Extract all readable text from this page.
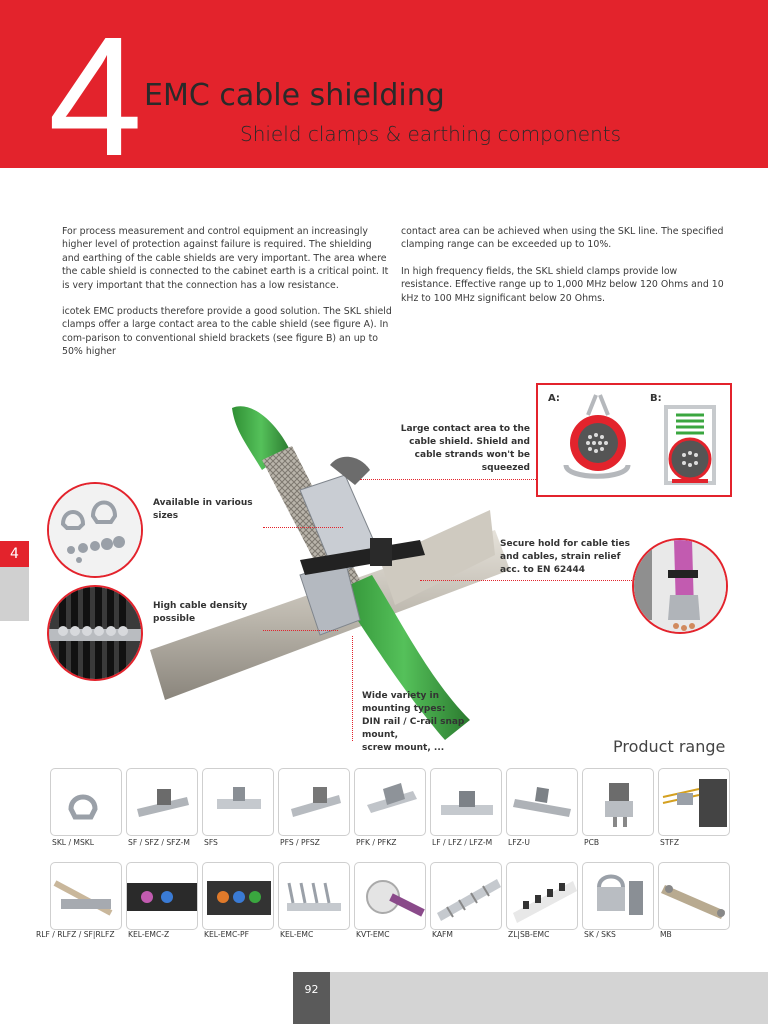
4 EMC cable shielding
Shield clamps & earthing components

For process measurement and control equipment an increasingly higher level of protection against failure is required. The shielding and earthing of the cable shields are very important. The area where the cable shield is connected to the cabinet earth is a critical point. It is very important that the connection has a low resistance.

icotek EMC products therefore provide a good solution. The SKL shield clamps offer a large contact area to the cable shield (see figure A). In com-parison to conventional shield brackets (see figure B) an up to 50% higher

contact area can be achieved when using the SKL line. The specified clamping range can be exceeded up to 10%.

In high frequency fields, the SKL shield clamps provide low resistance. Effective range up to 1,000 MHz below 120 Ohms and 10 kHz to 100 MHz significant below 20 Ohms.

4
A:	B:
Available in various sizes
High cable density possible
Large contact area to the cable shield. Shield and cable strands won't be squeezed
Secure hold for cable ties and cables, strain relief acc. to EN 62444
Wide variety in
mounting types:
DIN rail / C-rail snap mount,
screw mount, ...	Product range
SKL / MSKL	SF / SFZ / SFZ-M SFS	PFS / PFSZ	PFK / PFKZ	LF / LFZ / LFZ-M LFZ-U	PCB	STFZ
RLF / RLFZ / SF|RLFZ KEL-EMC-Z	KEL-EMC-PF	KEL-EMC	KVT-EMC	KAFM	ZL|SB-EMC	SK / SKS	MB
92
